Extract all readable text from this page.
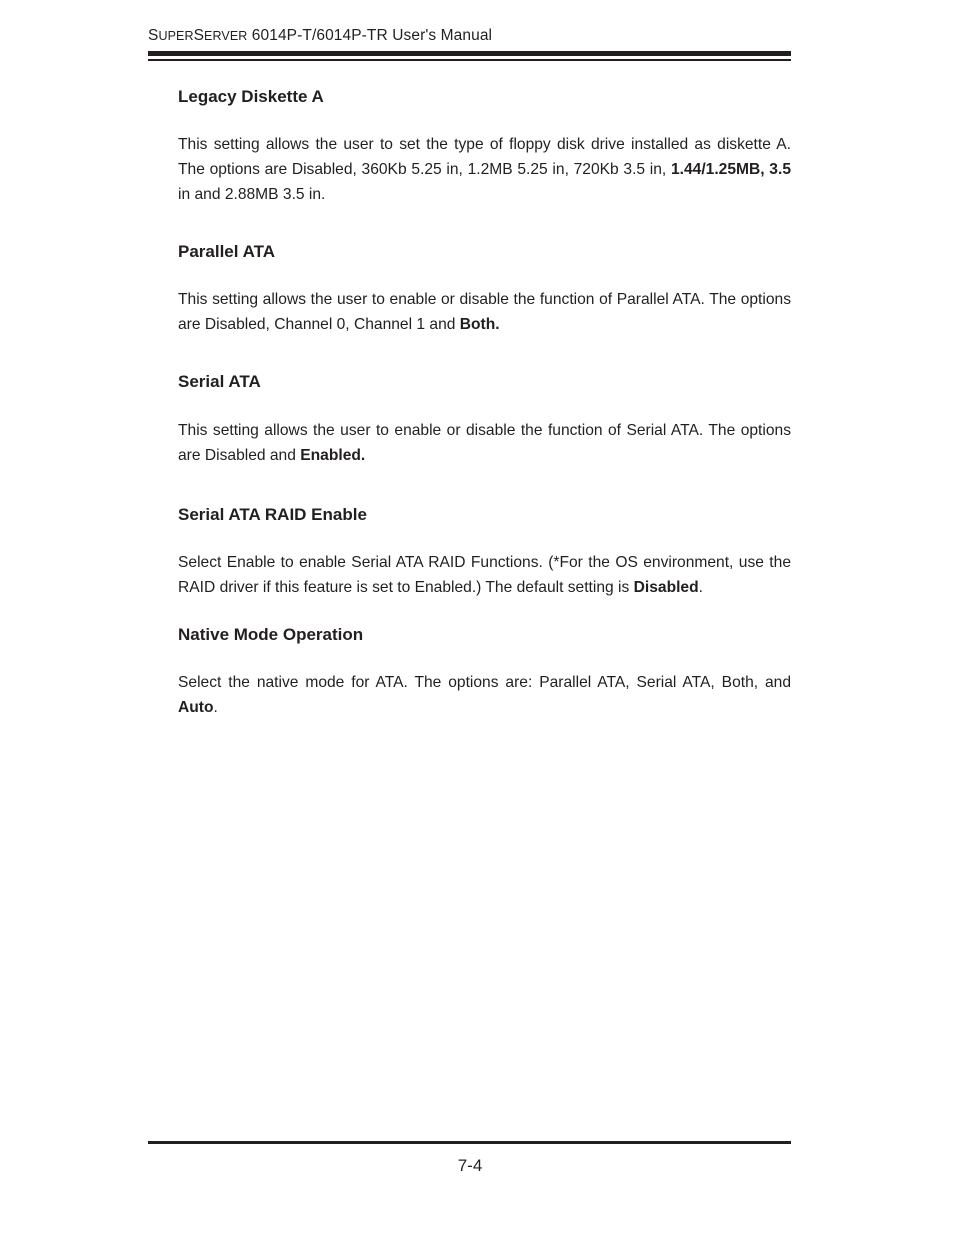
SUPERSERVER 6014P-T/6014P-TR User's Manual
Legacy Diskette A

This setting allows the user to set the type of floppy disk drive installed as diskette A. The options are Disabled, 360Kb 5.25 in, 1.2MB 5.25 in, 720Kb 3.5 in, 1.44/1.25MB, 3.5 in and 2.88MB 3.5 in.

Parallel ATA

This setting allows the user to enable or disable the function of Parallel ATA. The options are Disabled, Channel 0, Channel 1 and Both.

Serial ATA

This setting allows the user to enable or disable the function of Serial ATA. The options are Disabled and Enabled.

Serial ATA RAID Enable

Select Enable to enable Serial ATA RAID Functions. (*For the OS environment, use the RAID driver if this feature is set to Enabled.) The default setting is Disabled.

Native Mode Operation

Select the native mode for ATA. The options are: Parallel ATA, Serial ATA, Both, and Auto.

7-4
